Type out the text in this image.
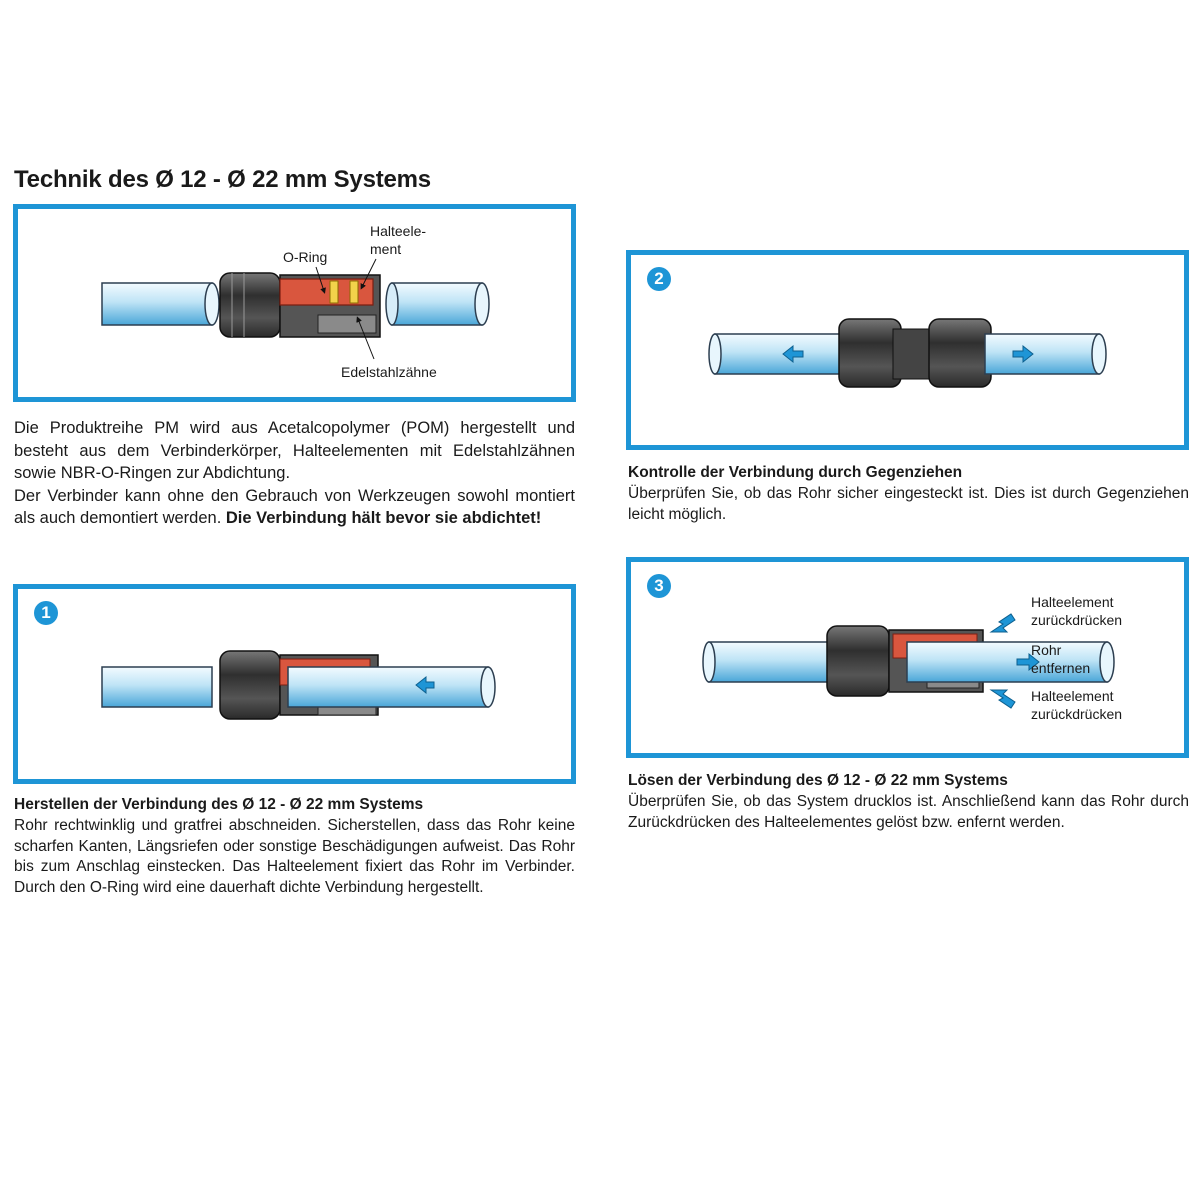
Technik des Ø 12 - Ø 22 mm Systems
O-Ring
Halteele-
ment
Edelstahlzähne
Die Produktreihe PM wird aus Acetalcopolymer (POM) hergestellt und besteht aus dem Verbinderkörper, Halteelementen mit Edelstahlzähnen sowie NBR-O-Ringen zur Abdichtung.
Der Verbinder kann ohne den Gebrauch von Werkzeugen sowohl montiert als auch demontiert werden. Die Verbindung hält bevor sie abdichtet!
1
Herstellen der Verbindung des Ø 12 - Ø 22 mm Systems
Rohr rechtwinklig und gratfrei abschneiden. Sicherstellen, dass das Rohr keine scharfen Kanten, Längsriefen oder sonstige Beschädigungen aufweist. Das Rohr bis zum Anschlag einstecken. Das Halteelement fixiert das Rohr im Verbinder. Durch den O-Ring wird eine dauerhaft dichte Verbindung hergestellt.
2
Kontrolle der Verbindung durch Gegenziehen
Überprüfen Sie, ob das Rohr sicher eingesteckt ist. Dies ist durch Gegenziehen leicht möglich.
3
Halteelement
zurückdrücken
Rohr
entfernen
Halteelement
zurückdrücken
Lösen der Verbindung des Ø 12 - Ø 22 mm Systems
Überprüfen Sie, ob das System drucklos ist. Anschließend kann das Rohr durch Zurückdrücken des Halteelementes gelöst bzw. enfernt werden.
